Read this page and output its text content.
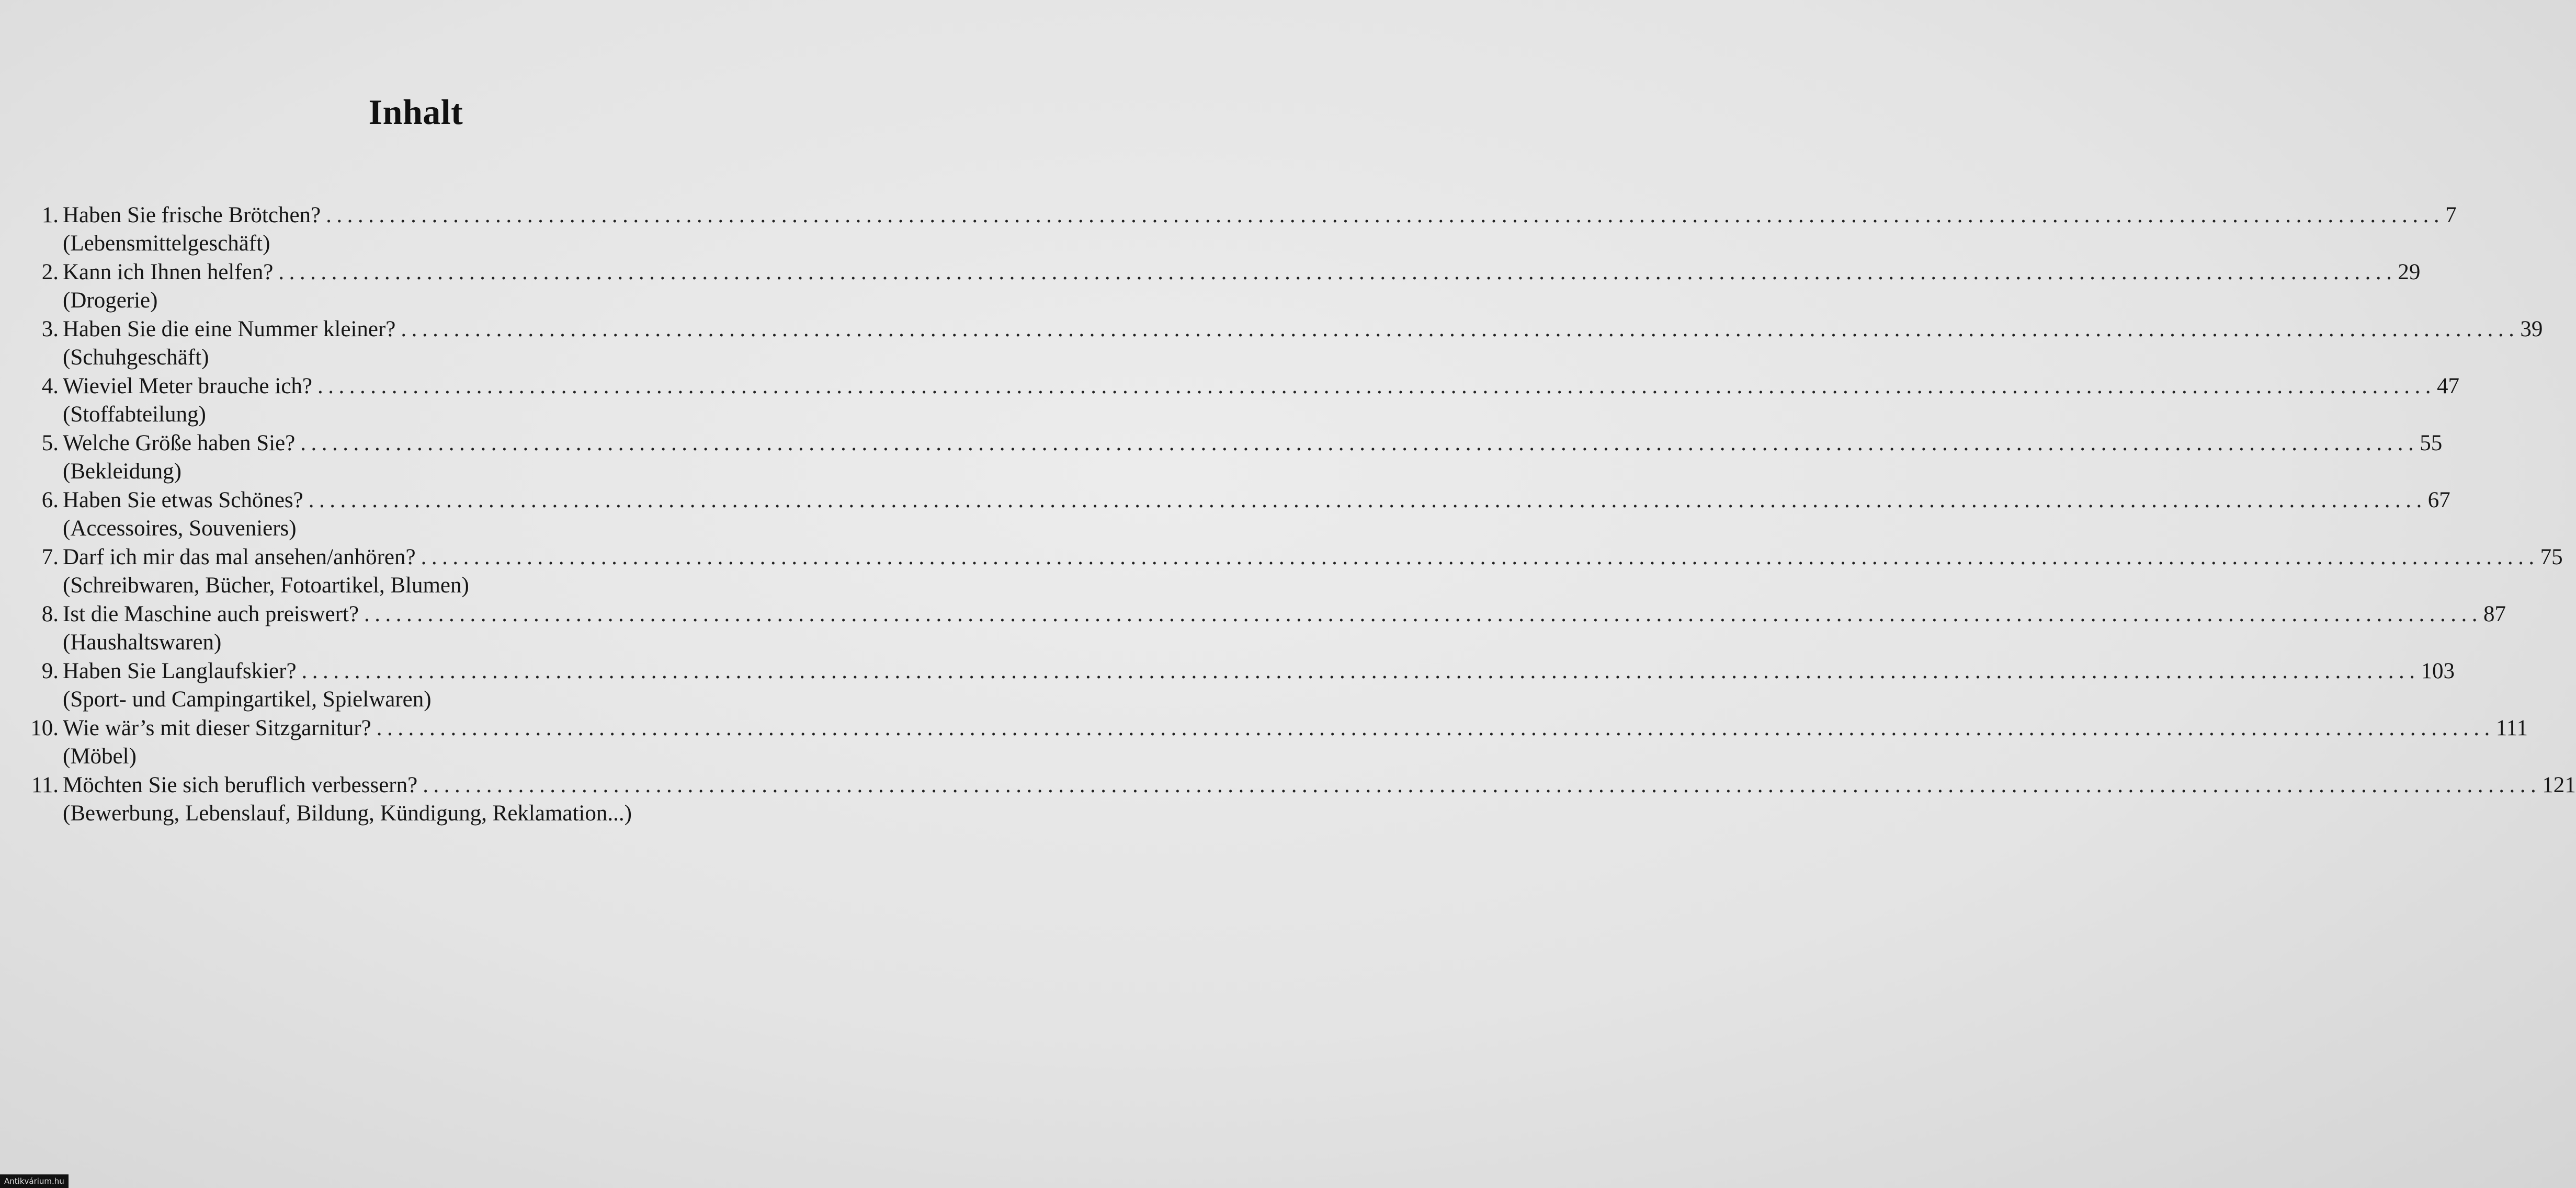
Inhalt
1. Haben Sie frische Brötchen? ........................................................................................................................................................................................................ 7
(Lebensmittelgeschäft)
2. Kann ich Ihnen helfen? ........................................................................................................................................................................................................ 29
(Drogerie)
3. Haben Sie die eine Nummer kleiner? ........................................................................................................................................................................................................ 39
(Schuhgeschäft)
4. Wieviel Meter brauche ich? ........................................................................................................................................................................................................ 47
(Stoffabteilung)
5. Welche Größe haben Sie? ........................................................................................................................................................................................................ 55
(Bekleidung)
6. Haben Sie etwas Schönes? ........................................................................................................................................................................................................ 67
(Accessoires, Souveniers)
7. Darf ich mir das mal ansehen/anhören? ........................................................................................................................................................................................................ 75
(Schreibwaren, Bücher, Fotoartikel, Blumen)
8. Ist die Maschine auch preiswert? ........................................................................................................................................................................................................ 87
(Haushaltswaren)
9. Haben Sie Langlaufskier? ........................................................................................................................................................................................................ 103
(Sport- und Campingartikel, Spielwaren)
10. Wie wär’s mit dieser Sitzgarnitur? ........................................................................................................................................................................................................ 111
(Möbel)
11. Möchten Sie sich beruflich verbessern? ........................................................................................................................................................................................................ 121
(Bewerbung, Lebenslauf, Bildung, Kündigung, Reklamation...)
Antikvárium.hu
